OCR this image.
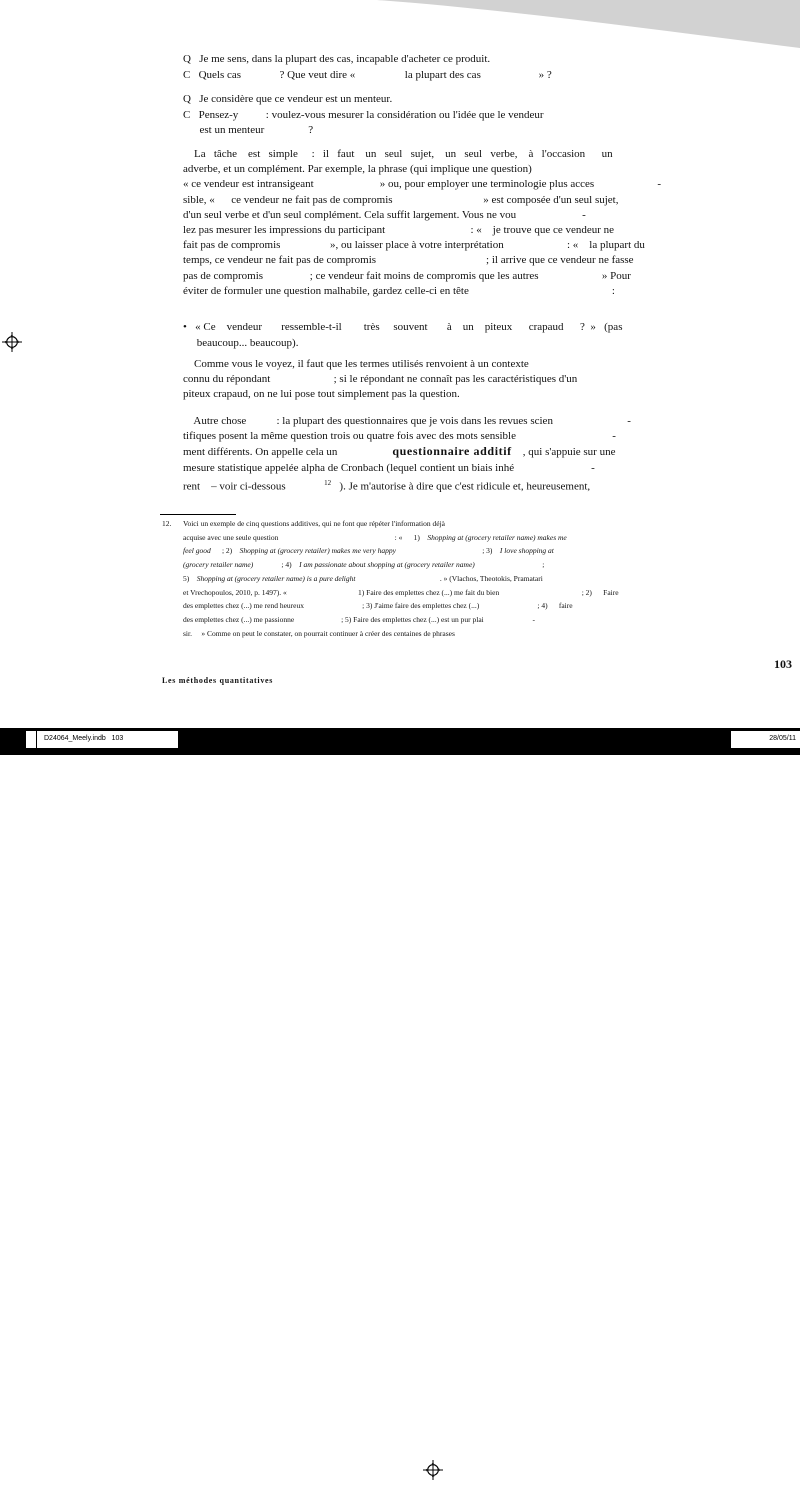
Q   Je me sens, dans la plupart des cas, incapable d'acheter ce produit.
C   Quels cas              ? Que veut dire «                  la plupart des cas                     » ?
Q   Je considère que ce vendeur est un menteur.
C   Pensez-y          : voulez-vous mesurer la considération ou l'idée que le vendeur
est un menteur                ?
La   tâche    est   simple     :   il   faut    un   seul   sujet,    un   seul   verbe,    à   l'occasion      un
adverbe, et un complément. Par exemple, la phrase (qui implique une question)
« ce vendeur est intransigeant                        » ou, pour employer une terminologie plus acces                       -
sible, «      ce vendeur ne fait pas de compromis                                 » est composée d'un seul sujet,
d'un seul verbe et d'un seul complément. Cela suffit largement. Vous ne vou                        -
lez pas mesurer les impressions du participant                               : «    je trouve que ce vendeur ne
fait pas de compromis                  », ou laisser place à votre interprétation                       : «    la plupart du
temps, ce vendeur ne fait pas de compromis                                        ; il arrive que ce vendeur ne fasse
pas de compromis                 ; ce vendeur fait moins de compromis que les autres                       » Pour
éviter de formuler une question malhabile, gardez celle-ci en tête                                                    :
•   « Ce    vendeur       ressemble-t-il        très     souvent       à    un    piteux      crapaud      ?  »   (pas
beaucoup... beaucoup).
Comme vous le voyez, il faut que les termes utilisés renvoient à un contexte
connu du répondant                       ; si le répondant ne connaît pas les caractéristiques d'un
piteux crapaud, on ne lui pose tout simplement pas la question.
Autre chose           : la plupart des questionnaires que je vois dans les revues scien                           -
tifiques posent la même question trois ou quatre fois avec des mots sensible                                   -
ment différents. On appelle cela un                    questionnaire additif    , qui s'appuie sur une
mesure statistique appelée alpha de Cronbach (lequel contient un biais inhé                            -
rent    – voir ci-dessous              $^{12}$   ). Je m'autorise à dire que c'est ridicule et, heureusement,
12. Voici un exemple de cinq questions additives, qui ne font que répéter l'information déjà
acquise avec une seule question                                                              : «      1)    Shopping at (grocery retailer name) makes me
feel good      ; 2)    Shopping at (grocery retailer) makes me very happy                                              ; 3)    I love shopping at
(grocery retailer name)               ; 4)    I am passionate about shopping at (grocery retailer name)                                    ;
5)    Shopping at (grocery retailer name) is a pure delight                                             . » (Vlachos, Theotokis, Pramatari
et Vrechopoulos, 2010, p. 1497). «                                      1) Faire des emplettes chez (...) me fait du bien                                            ; 2)      Faire
des emplettes chez (...) me rend heureux                               ; 3) J'aime faire des emplettes chez (...)                               ; 4)      faire
des emplettes chez (...) me passionne                         ; 5) Faire des emplettes chez (...) est un pur plai                          -
sir.     » Comme on peut le constater, on pourrait continuer à créer des centaines de phrases
103
Les méthodes quantitatives
D24064_Meely.indb   103	28/05/11
